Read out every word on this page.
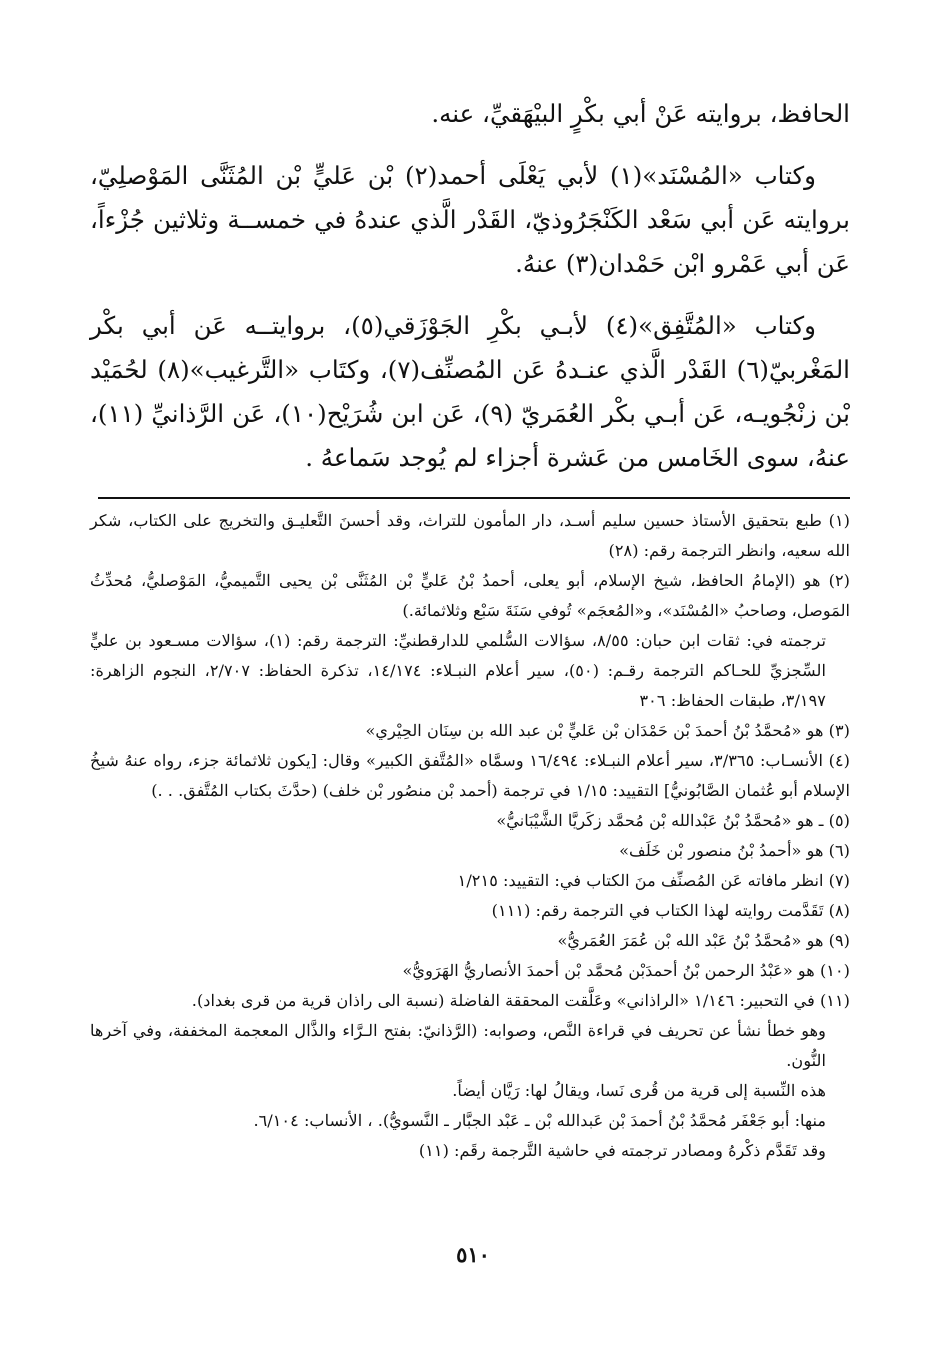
الحافظ، بروايته عَنْ أبي بكْرٍ البيْهَقيِّ، عنه.

وكتاب «المُسْنَد»(١) لأبي يَعْلَى أحمد(٢) بْن عَليٍّ بْن المُثَنَّى المَوْصلِيّ، بروايته عَن أبي سَعْد الكَنْجَرُوذيّ، القَدْر الَّذي عندهُ في خمســة وثلاثين جُزْءاً، عَن أبي عَمْرو ابْن حَمْدان(٣) عنهُ.

وكتاب «المُتَّفِق»(٤) لأبـي بكْرِ الجَوْزَقي(٥)، بروايتــه عَن أبي بكْر المَغْربيّ(٦) القَدْر الَّذي عنـدهُ عَن المُصنِّف(٧)، وكتَاب «التَّرغيب»(٨) لحُمَيْد بْن زنْجُويـه، عَن أبـي بكْر العُمَريّ (٩)، عَن ابن شُرَيْح(١٠)، عَن الرَّذانيِّ (١١)، عنهُ، سوى الخَامس من عَشرة أجزاء لم يُوجد سَماعهُ .

(١) طبع بتحقيق الأستاذ حسين سليم أسـد، دار المأمون للتراث، وقد أحسنَ التَّعليـق والتخريج على الكتاب، شكر الله سعيه، وانظر الترجمة رقم: (٢٨)

(٢) هو (الإمامُ الحافظ، شيخ الإسلام، أبو يعلى، أحمدُ بْنُ عَليٍّ بْن المُثَنَّى بْن يحيى التَّميميُّ، المَوْصليُّ، مُحدِّثُ المَوصل، وصاحبُ «المُسْنَد»، و«المُعجَم» تُوفي سَنَةَ سَبْع وثلاثمائة.)

ترجمته في: ثقات ابن حبان: ٨/٥٥، سؤالات السُّلمي للدارقطنيِّ: الترجمة رقم: (١)، سؤالات مسـعود بن عليٍّ السِّجزيِّ للحـاكم الترجمة رقـم: (٥٠)، سير أعلام النبـلاء: ١٤/١٧٤، تذكرة الحفاظ: ٢/٧٠٧، النجوم الزاهرة: ٣/١٩٧، طبقات الحفاظ: ٣٠٦

(٣) هو «مُحمَّدُ بْنُ أحمدَ بْن حَمْدَان بْن عَليٍّ بْن عبد الله بن سِنَان الحِيْري»

(٤) الأنسـاب: ٣/٣٦٥، سير أعلام النبـلاء: ١٦/٤٩٤ وسمَّاه «المُتَّفق الكبير» وقال: [يكون ثلاثمائة جزء، رواه عنهُ شيخُ الإسلام أبو عُثمان الصَّابُونيُّ] التقييد: ١/١٥ في ترجمة (أحمد بْن منصُور بْن خلف) (حدَّثَ بكتاب المُتَّفق. . .)

(٥) ـ هو «مُحمَّدُ بْنُ عَبْدالله بْن مُحمَّد زكَريَّا الشَّيْبَانيُّ»

(٦) هو «أحمدُ بْنُ منصور بْن خَلَف»

(٧) انظر مافاته عَن المُصنِّف منَ الكتاب في: التقييد: ١/٢١٥

(٨) تَقَدَّمت روايته لهذا الكتاب في الترجمة رقم: (١١١)

(٩) هو «مُحمَّدُ بْنُ عَبْد الله بْن عُمَرَ العُمَريُّ»

(١٠) هو «عَبْدُ الرحمن بْنُ أحمدَبْن مُحمَّد بْن أحمدَ الأنصاريُّ الهَرَويُّ»

(١١) في التحبير: ١/١٤٦ «الراذاني» وعَلَّقت المحققة الفاضلة (نسبة الى راذان قرية من قرى بغداد).

وهو خطأ نشأ عن تحريف في قراءة النَّص، وصوابه: (الرَّذانيّ: بفتح الـرَّاء والذَّال المعجمة المخففة، وفي آخرها النُّون.

هذه النِّسبة إلى قرية من قُرى نَسا، ويقالُ لها: رَيَّان أيضاً.

منها: أبو جَعْفَر مُحمَّدُ بْنُ أحمدَ بْن عَبدالله بْن ـ عَبْد الجبَّار ـ النَّسويُّ). ، الأنساب: ٦/١٠٤.

وقد تَقَدَّم ذكْرهُ ومصادر ترجمته في حاشية التَّرجمة رقَم: (١١)

٥١٠
